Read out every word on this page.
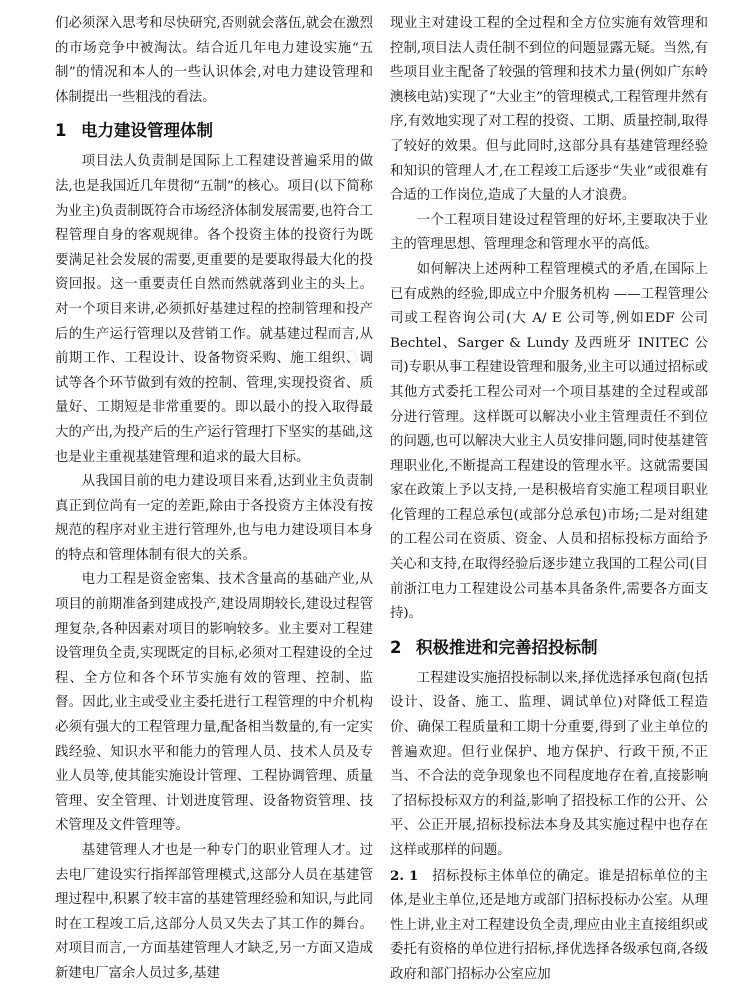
们必须深入思考和尽快研究,否则就会落伍,就会在激烈的市场竞争中被淘汰。结合近几年电力建设实施“五制”的情况和本人的一些认识体会,对电力建设管理和体制提出一些粗浅的看法。

1 电力建设管理体制

项目法人负责制是国际上工程建设普遍采用的做法,也是我国近几年贯彻“五制”的核心。项目(以下简称为业主)负责制既符合市场经济体制发展需要,也符合工程管理自身的客观规律。各个投资主体的投资行为既要满足社会发展的需要,更重要的是要取得最大化的投资回报。这一重要责任自然而然就落到业主的头上。对一个项目来讲,必须抓好基建过程的控制管理和投产后的生产运行管理以及营销工作。就基建过程而言,从前期工作、工程设计、设备物资采购、施工组织、调试等各个环节做到有效的控制、管理,实现投资省、质量好、工期短是非常重要的。即以最小的投入取得最大的产出,为投产后的生产运行管理打下坚实的基础,这也是业主重视基建管理和追求的最大目标。

从我国目前的电力建设项目来看,达到业主负责制真正到位尚有一定的差距,除由于各投资方主体没有按规范的程序对业主进行管理外,也与电力建设项目本身的特点和管理体制有很大的关系。

电力工程是资金密集、技术含量高的基础产业,从项目的前期准备到建成投产,建设周期较长,建设过程管理复杂,各种因素对项目的影响较多。业主要对工程建设管理负全责,实现既定的目标,必须对工程建设的全过程、全方位和各个环节实施有效的管理、控制、监督。因此,业主或受业主委托进行工程管理的中介机构必须有强大的工程管理力量,配备相当数量的,有一定实践经验、知识水平和能力的管理人员、技术人员及专业人员等,使其能实施设计管理、工程协调管理、质量管理、安全管理、计划进度管理、设备物资管理、技术管理及文件管理等。

基建管理人才也是一种专门的职业管理人才。过去电厂建设实行指挥部管理模式,这部分人员在基建管理过程中,积累了较丰富的基建管理经验和知识,与此同时在工程竣工后,这部分人员又失去了其工作的舞台。对项目而言,一方面基建管理人才缺乏,另一方面又造成新建电厂富余人员过多,基建

现业主对建设工程的全过程和全方位实施有效管理和控制,项目法人责任制不到位的问题显露无疑。当然,有些项目业主配备了较强的管理和技术力量(例如广东岭澳核电站)实现了“大业主”的管理模式,工程管理井然有序,有效地实现了对工程的投资、工期、质量控制,取得了较好的效果。但与此同时,这部分具有基建管理经验和知识的管理人才,在工程竣工后逐步“失业”或很难有合适的工作岗位,造成了大量的人才浪费。

一个工程项目建设过程管理的好坏,主要取决于业主的管理思想、管理理念和管理水平的高低。

如何解决上述两种工程管理模式的矛盾,在国际上已有成熟的经验,即成立中介服务机构 ——工程管理公司或工程咨询公司(大 A/ E 公司等,例如EDF 公司 Bechtel、Sarger & Lundy 及西班牙 INITEC 公司)专职从事工程建设管理和服务,业主可以通过招标或其他方式委托工程公司对一个项目基建的全过程或部分进行管理。这样既可以解决小业主管理责任不到位的问题,也可以解决大业主人员安排问题,同时使基建管理职业化,不断提高工程建设的管理水平。这就需要国家在政策上予以支持,一是积极培育实施工程项目职业化管理的工程总承包(或部分总承包)市场;二是对组建的工程公司在资质、资金、人员和招标投标方面给予关心和支持,在取得经验后逐步建立我国的工程公司(目前浙江电力工程建设公司基本具备条件,需要各方面支持)。

2 积极推进和完善招投标制

工程建设实施招投标制以来,择优选择承包商(包括设计、设备、施工、监理、调试单位)对降低工程造价、确保工程质量和工期十分重要,得到了业主单位的普遍欢迎。但行业保护、地方保护、行政干预,不正当、不合法的竞争现象也不同程度地存在着,直接影响了招标投标双方的利益,影响了招投标工作的公开、公平、公正开展,招标投标法本身及其实施过程中也存在这样或那样的问题。

2. 1  招标投标主体单位的确定。谁是招标单位的主体,是业主单位,还是地方或部门招标投标办公室。从理性上讲,业主对工程建设负全责,理应由业主直接组织或委托有资格的单位进行招标,择优选择各级承包商,各级政府和部门招标办公室应加

○○○
